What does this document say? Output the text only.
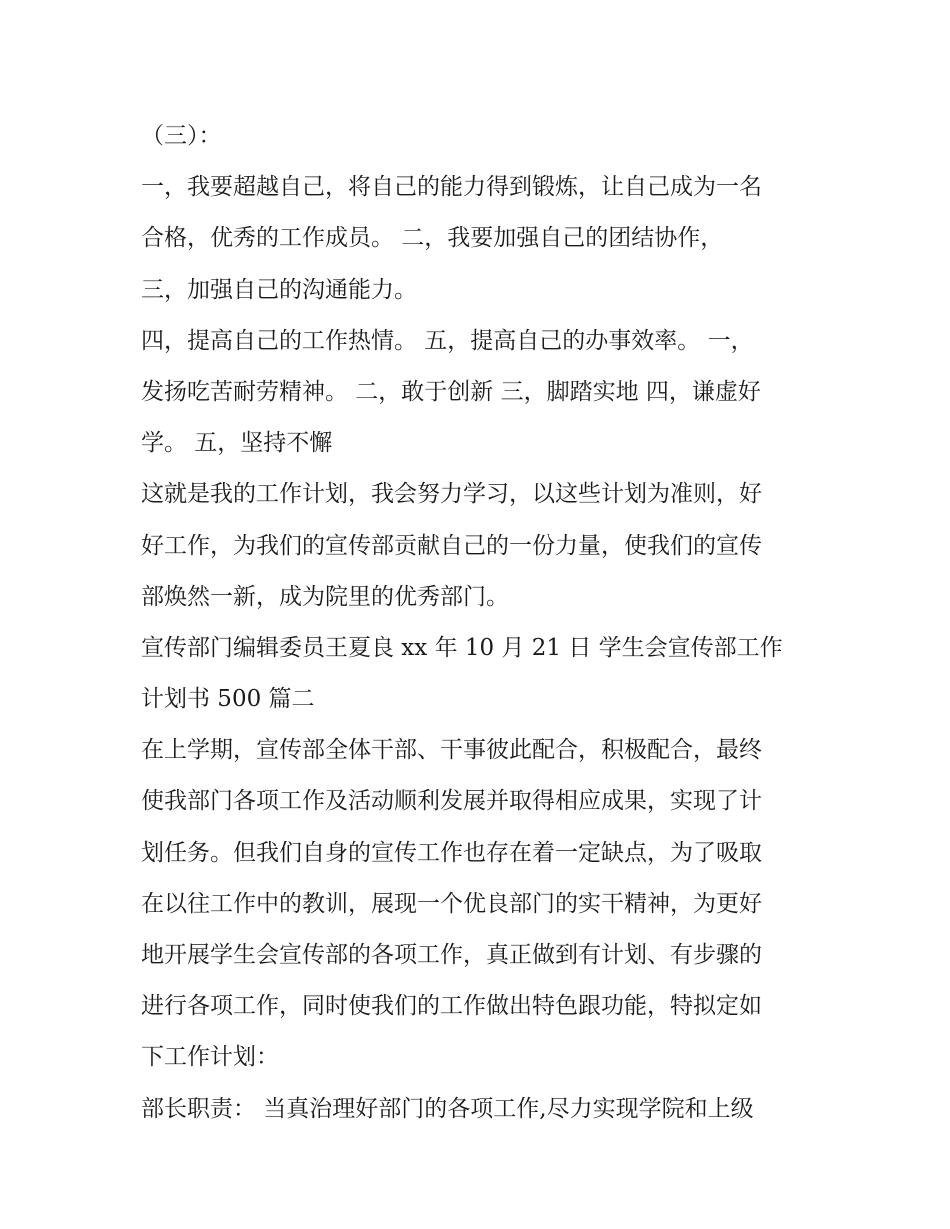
（三）：
一，我要超越自己，将自己的能力得到锻炼，让自己成为一名
合格，优秀的工作成员。 二，我要加强自己的团结协作，
三，加强自己的沟通能力。
四，提高自己的工作热情。 五，提高自己的办事效率。 一，
发扬吃苦耐劳精神。 二，敢于创新 三，脚踏实地 四，谦虚好
学。 五，坚持不懈
这就是我的工作计划，我会努力学习，以这些计划为准则，好
好工作，为我们的宣传部贡献自己的一份力量，使我们的宣传
部焕然一新，成为院里的优秀部门。
宣传部门编辑委员王夏良 xx 年 10 月 21 日 学生会宣传部工作
计划书 500 篇二
在上学期，宣传部全体干部、干事彼此配合，积极配合，最终
使我部门各项工作及活动顺利发展并取得相应成果，实现了计
划任务。但我们自身的宣传工作也存在着一定缺点，为了吸取
在以往工作中的教训，展现一个优良部门的实干精神，为更好
地开展学生会宣传部的各项工作，真正做到有计划、有步骤的
进行各项工作，同时使我们的工作做出特色跟功能，特拟定如
下工作计划：
部长职责： 当真治理好部门的各项工作,尽力实现学院和上级
